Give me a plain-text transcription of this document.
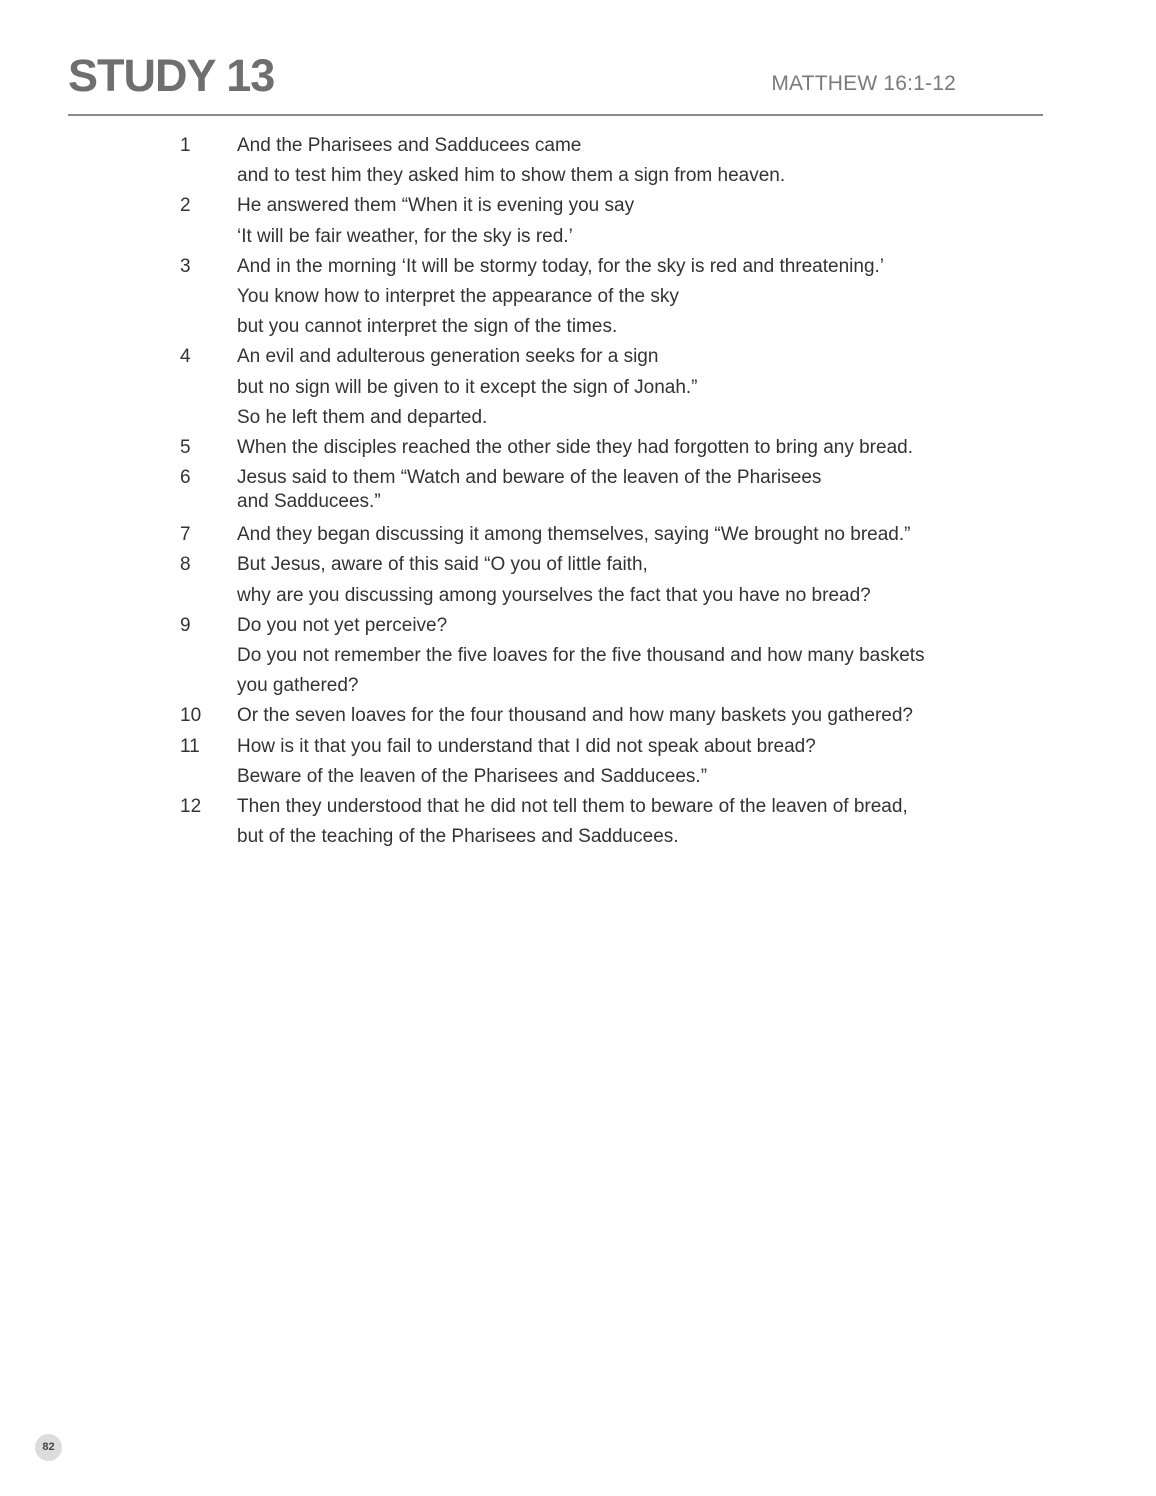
STUDY 13	MATTHEW 16:1-12
1	And the Pharisees and Sadducees came
and to test him they asked him to show them a sign from heaven.
2	He answered them “When it is evening you say
‘It will be fair weather, for the sky is red.’
3	And in the morning ‘It will be stormy today, for the sky is red and threatening.’
You know how to interpret the appearance of the sky
but you cannot interpret the sign of the times.
4	An evil and adulterous generation seeks for a sign
but no sign will be given to it except the sign of Jonah.”
So he left them and departed.
5	When the disciples reached the other side they had forgotten to bring any bread.
6	Jesus said to them “Watch and beware of the leaven of the Pharisees
and Sadducees.”
7	And they began discussing it among themselves, saying “We brought no bread.”
8	But Jesus, aware of this said “O you of little faith,
why are you discussing among yourselves the fact that you have no bread?
9	Do you not yet perceive?
Do you not remember the five loaves for the five thousand and how many baskets
you gathered?
10	Or the seven loaves for the four thousand and how many baskets you gathered?
11	How is it that you fail to understand that I did not speak about bread?
Beware of the leaven of the Pharisees and Sadducees.”
12	Then they understood that he did not tell them to beware of the leaven of bread,
but of the teaching of the Pharisees and Sadducees.
82
